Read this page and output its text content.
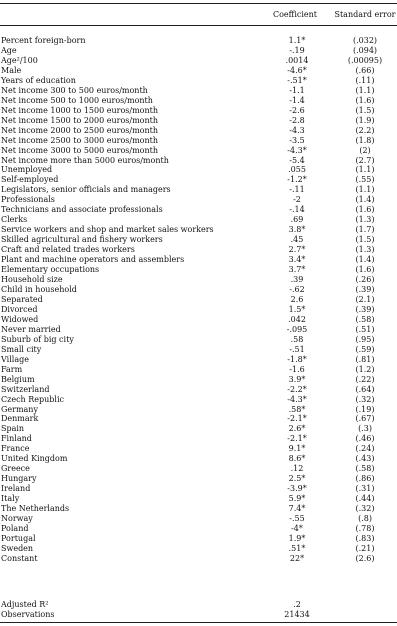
Coefficient	Standard error
Percent foreign-born	1.1*	(.032)
Age	-.19	(.094)
Age²/100	.0014	(.00095)
Male	-4.6*	(.66)
Years of education	-.51*	(.11)
Net income 300 to 500 euros/month	-1.1	(1.1)
Net income 500 to 1000 euros/month	-1.4	(1.6)
Net income 1000 to 1500 euros/month	-2.6	(1.5)
Net income 1500 to 2000 euros/month	-2.8	(1.9)
Net income 2000 to 2500 euros/month	-4.3	(2.2)
Net income 2500 to 3000 euros/month	-3.5	(1.8)
Net income 3000 to 5000 euros/month	-4.3*	(2)
Net income more than 5000 euros/month	-5.4	(2.7)
Unemployed	.055	(1.1)
Self-employed	-1.2*	(.55)
Legislators, senior officials and managers	-.11	(1.1)
Professionals	-2	(1.4)
Technicians and associate professionals	-.14	(1.6)
Clerks	.69	(1.3)
Service workers and shop and market sales workers	3.8*	(1.7)
Skilled agricultural and fishery workers	.45	(1.5)
Craft and related trades workers	2.7*	(1.3)
Plant and machine operators and assemblers	3.4*	(1.4)
Elementary occupations	3.7*	(1.6)
Household size	.39	(.26)
Child in household	-.62	(.39)
Separated	2.6	(2.1)
Divorced	1.5*	(.39)
Widowed	.042	(.58)
Never married	-.095	(.51)
Suburb of big city	.58	(.95)
Small city	-.51	(.59)
Village	-1.8*	(.81)
Farm	-1.6	(1.2)
Belgium	3.9*	(.22)
Switzerland	-2.2*	(.64)
Czech Republic	-4.3*	(.32)
Germany	.58*	(.19)
Denmark	-2.1*	(.67)
Spain	2.6*	(.3)
Finland	-2.1*	(.46)
France	9.1*	(.24)
United Kingdom	8.6*	(.43)
Greece	.12	(.58)
Hungary	2.5*	(.86)
Ireland	-3.9*	(.31)
Italy	5.9*	(.44)
The Netherlands	7.4*	(.32)
Norway	-.55	(.8)
Poland	-4*	(.78)
Portugal	1.9*	(.83)
Sweden	.51*	(.21)
Constant	22*	(2.6)
Adjusted R²	.2
Observations	21434
